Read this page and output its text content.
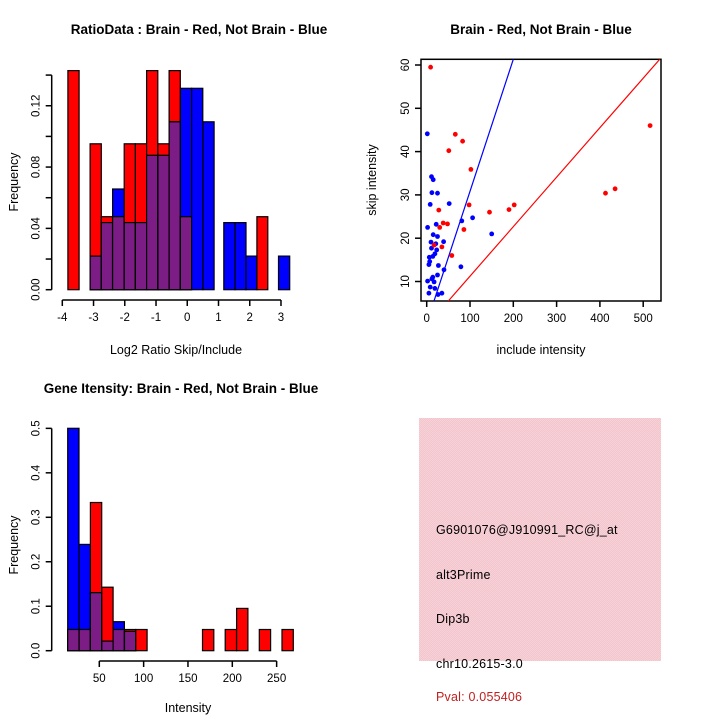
0.00
0.04
0.08
0.12
-4 -3 -2 -1 0 1 2 3
RatioData : Brain - Red, Not Brain - Blue
Log2 Ratio Skip/Include
Frequency
0	100 200 300 400 500
10
20
30
40
50
60
Brain - Red, Not Brain - Blue
include intensity
skip intensity
0.0
0.1
0.2
0.3
0.4
0.5
50 100 150 200 250
Gene Itensity: Brain - Red, Not Brain - Blue
Intensity
Frequency	G6901076@J910991_RC@j_at
alt3Prime
Dip3b
chr10.2615-3.0
Pval: 0.055406
